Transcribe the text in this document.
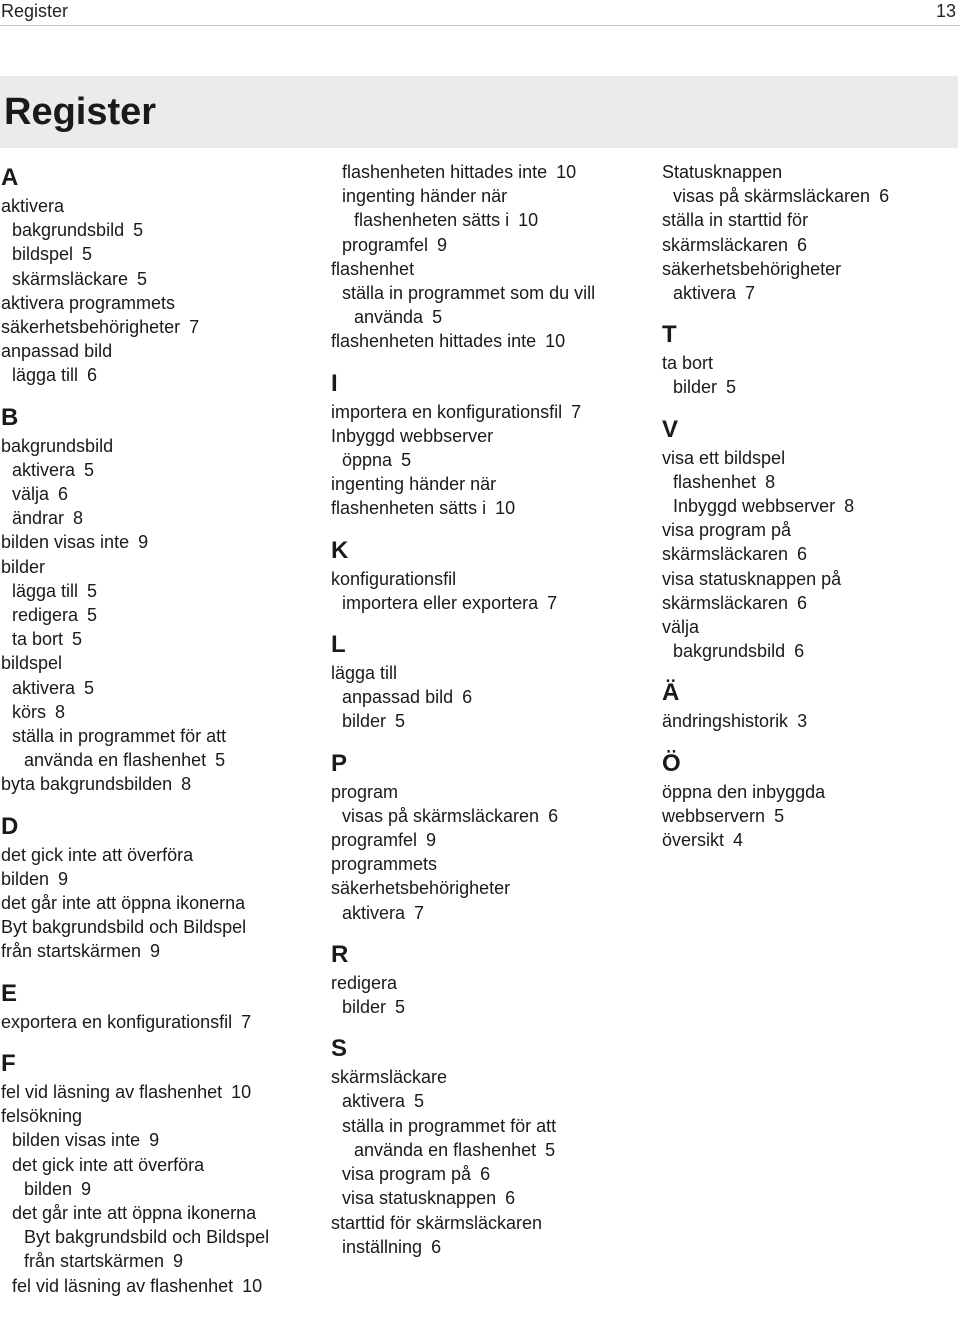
Register	13
Register
A
aktivera
bakgrundsbild 5
bildspel 5
skärmsläckare 5
aktivera programmets
säkerhetsbehörigheter 7
anpassad bild
lägga till 6
B
bakgrundsbild
aktivera 5
välja 6
ändrar 8
bilden visas inte 9
bilder
lägga till 5
redigera 5
ta bort 5
bildspel
aktivera 5
körs 8
ställa in programmet för att
använda en flashenhet 5
byta bakgrundsbilden 8
D
det gick inte att överföra
bilden 9
det går inte att öppna ikonerna
Byt bakgrundsbild och Bildspel
från startskärmen 9
E
exportera en konfigurationsfil 7
F
fel vid läsning av flashenhet 10
felsökning
bilden visas inte 9
det gick inte att överföra
bilden 9
det går inte att öppna ikonerna
Byt bakgrundsbild och Bildspel
från startskärmen 9
fel vid läsning av flashenhet 10
flashenheten hittades inte 10
ingenting händer när
flashenheten sätts i 10
programfel 9
flashenhet
ställa in programmet som du vill
använda 5
flashenheten hittades inte 10
I
importera en konfigurationsfil 7
Inbyggd webbserver
öppna 5
ingenting händer när
flashenheten sätts i 10
K
konfigurationsfil
importera eller exportera 7
L
lägga till
anpassad bild 6
bilder 5
P
program
visas på skärmsläckaren 6
programfel 9
programmets
säkerhetsbehörigheter
aktivera 7
R
redigera
bilder 5
S
skärmsläckare
aktivera 5
ställa in programmet för att
använda en flashenhet 5
visa program på 6
visa statusknappen 6
starttid för skärmsläckaren
inställning 6
Statusknappen
visas på skärmsläckaren 6
ställa in starttid för
skärmsläckaren 6
säkerhetsbehörigheter
aktivera 7
T
ta bort
bilder 5
V
visa ett bildspel
flashenhet 8
Inbyggd webbserver 8
visa program på
skärmsläckaren 6
visa statusknappen på
skärmsläckaren 6
välja
bakgrundsbild 6
Ä
ändringshistorik 3
Ö
öppna den inbyggda
webbservern 5
översikt 4
